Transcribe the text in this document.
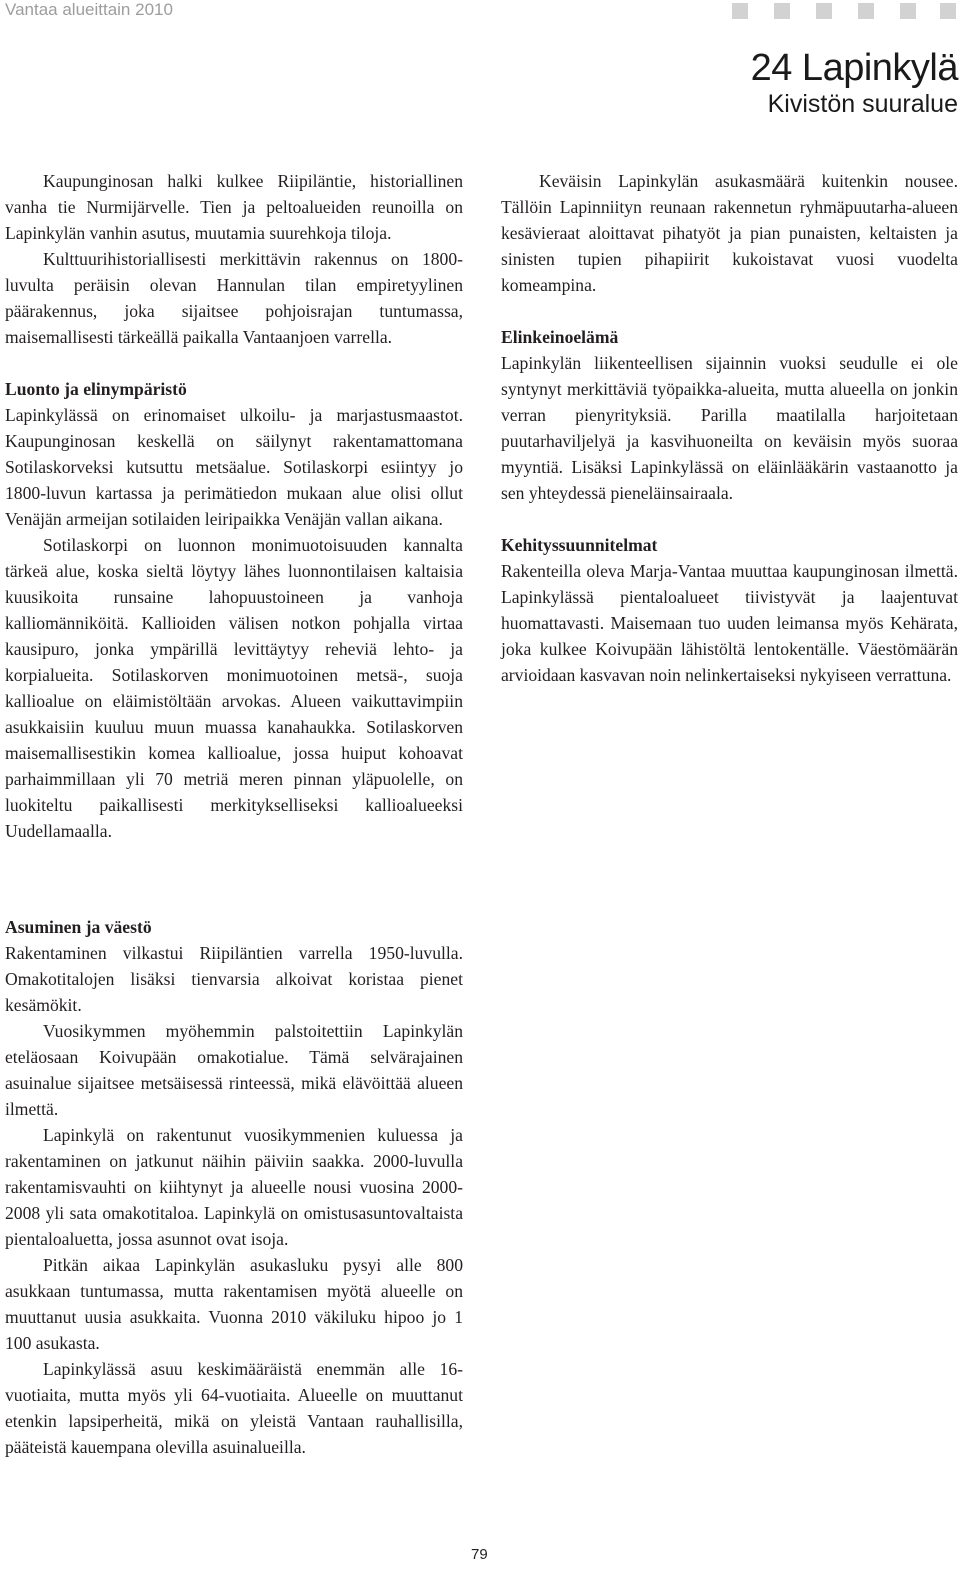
Vantaa alueittain 2010
24 Lapinkylä
Kivistön suuralue

Kaupunginosan halki kulkee Riipiläntie, historiallinen vanha tie Nurmijärvelle. Tien ja peltoalueiden reunoilla on Lapinkylän vanhin asutus, muutamia suurehkoja tiloja.

Kulttuurihistoriallisesti merkittävin rakennus on 1800-luvulta peräisin olevan Hannulan tilan empiretyylinen päärakennus, joka sijaitsee pohjoisrajan tuntumassa, maisemallisesti tärkeällä paikalla Vantaanjoen varrella.

Luonto ja elinympäristö

Lapinkylässä on erinomaiset ulkoilu- ja marjastusmaastot. Kaupunginosan keskellä on säilynyt rakentamattomana Sotilaskorveksi kutsuttu metsäalue. Sotilaskorpi esiintyy jo 1800-luvun kartassa ja perimätiedon mukaan alue olisi ollut Venäjän armeijan sotilaiden leiripaikka Venäjän vallan aikana.

Sotilaskorpi on luonnon monimuotoisuuden kannalta tärkeä alue, koska sieltä löytyy lähes luonnontilaisen kaltaisia kuusikoita runsaine lahopuustoineen ja vanhoja kalliomänniköitä. Kallioiden välisen notkon pohjalla virtaa kausipuro, jonka ympärillä levittäytyy reheviä lehto- ja korpialueita. Sotilaskorven monimuotoinen metsä-, suoja kallioalue on eläimistöltään arvokas. Alueen vaikuttavimpiin asukkaisiin kuuluu muun muassa kanahaukka. Sotilaskorven maisemallisestikin komea kallioalue, jossa huiput kohoavat parhaimmillaan yli 70 metriä meren pinnan yläpuolelle, on luokiteltu paikallisesti merkitykselliseksi kallioalueeksi Uudellamaalla.

Asuminen ja väestö

Rakentaminen vilkastui Riipiläntien varrella 1950-luvulla. Omakotitalojen lisäksi tienvarsia alkoivat koristaa pienet kesämökit.

Vuosikymmen myöhemmin palstoitettiin Lapinkylän eteläosaan Koivupään omakotialue. Tämä selvärajainen asuinalue sijaitsee metsäisessä rinteessä, mikä elävöittää alueen ilmettä.

Lapinkylä on rakentunut vuosikymmenien kuluessa ja rakentaminen on jatkunut näihin päiviin saakka. 2000-luvulla rakentamisvauhti on kiihtynyt ja alueelle nousi vuosina 2000-2008 yli sata omakotitaloa. Lapinkylä on omistusasuntovaltaista pientaloaluetta, jossa asunnot ovat isoja.

Pitkän aikaa Lapinkylän asukasluku pysyi alle 800 asukkaan tuntumassa, mutta rakentamisen myötä alueelle on muuttanut uusia asukkaita. Vuonna 2010 väkiluku hipoo jo 1 100 asukasta.

Lapinkylässä asuu keskimääräistä enemmän alle 16-vuotiaita, mutta myös yli 64-vuotiaita. Alueelle on muuttanut etenkin lapsiperheitä, mikä on yleistä Vantaan rauhallisilla, pääteistä kauempana olevilla asuinalueilla.

Keväisin Lapinkylän asukasmäärä kuitenkin nousee. Tällöin Lapinniityn reunaan rakennetun ryhmäpuutarha-alueen kesävieraat aloittavat pihatyöt ja pian punaisten, keltaisten ja sinisten tupien pihapiirit kukoistavat vuosi vuodelta komeampina.

Elinkeinoelämä

Lapinkylän liikenteellisen sijainnin vuoksi seudulle ei ole syntynyt merkittäviä työpaikka-alueita, mutta alueella on jonkin verran pienyrityksiä. Parilla maatilalla harjoitetaan puutarhaviljelyä ja kasvihuoneilta on keväisin myös suoraa myyntiä. Lisäksi Lapinkylässä on eläinlääkärin vastaanotto ja sen yhteydessä pieneläinsairaala.

Kehityssuunnitelmat

Rakenteilla oleva Marja-Vantaa muuttaa kaupunginosan ilmettä. Lapinkylässä pientaloalueet tiivistyvät ja laajentuvat huomattavasti. Maisemaan tuo uuden leimansa myös Kehärata, joka kulkee Koivupään lähistöltä lentokentälle. Väestömäärän arvioidaan kasvavan noin nelinkertaiseksi nykyiseen verrattuna.

79
